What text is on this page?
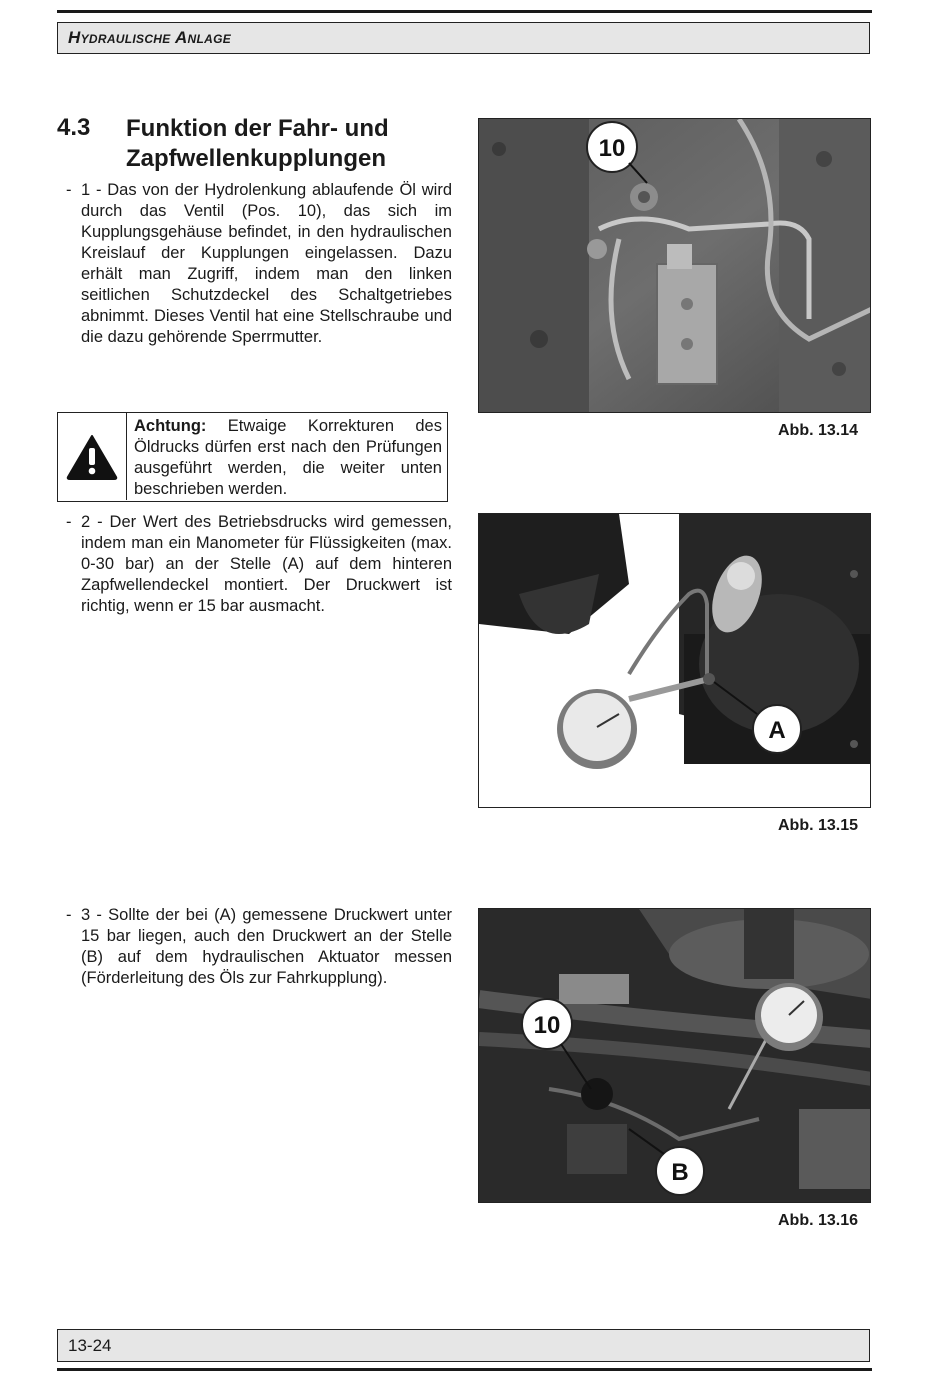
Hydraulische Anlage
4.3 Funktion der Fahr- und Zapfwellenkupplungen
- 1 - Das von der Hydrolenkung ablaufende Öl wird durch das Ventil (Pos. 10), das sich im Kupplungsgehäuse befindet, in den hydraulischen Kreislauf der Kupplungen eingelassen. Dazu erhält man Zugriff, indem man den linken seitlichen Schutzdeckel des Schaltgetriebes abnimmt. Dieses Ventil hat eine Stellschraube und die dazu gehörende Sperrmutter.
Achtung: Etwaige Korrekturen des Öldrucks dürfen erst nach den Prüfungen ausgeführt werden, die weiter unten beschrieben werden.
- 2 - Der Wert des Betriebsdrucks wird gemessen, indem man ein Manometer für Flüssigkeiten (max. 0-30 bar) an der Stelle (A) auf dem hinteren Zapfwellendeckel montiert. Der Druckwert ist richtig, wenn er 15 bar ausmacht.
- 3 - Sollte der bei (A) gemessene Druckwert unter 15 bar liegen, auch den Druckwert an der Stelle (B) auf dem hydraulischen Aktuator messen (Förderleitung des Öls zur Fahrkupplung).
10
Abb. 13.14
A
Abb. 13.15
10
B
Abb. 13.16
13-24
